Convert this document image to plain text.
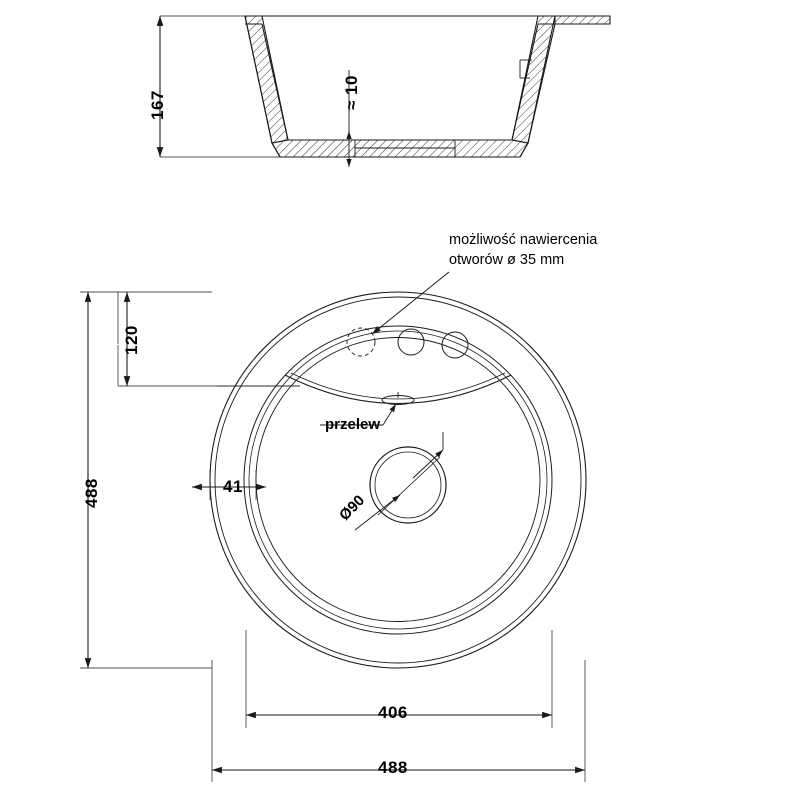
167	≈ 10
możliwość nawiercenia
otworów ø 35 mm
120
488	41
przelew
Ø90
406
488
